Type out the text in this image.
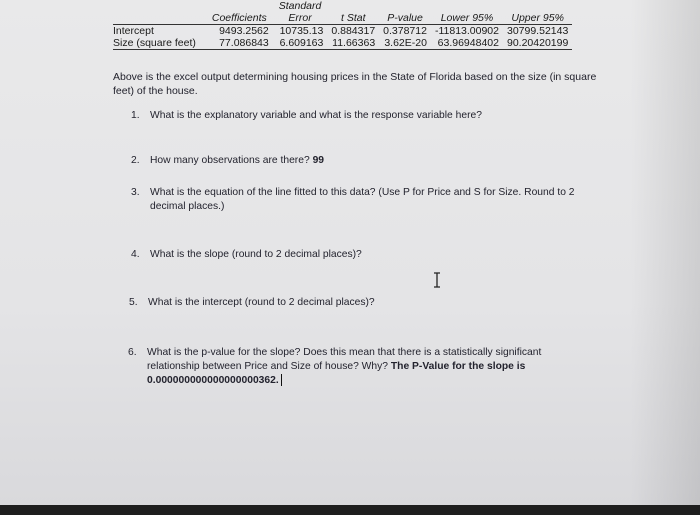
		Standard				
	Coefficients	Error	t Stat	P-value	Lower 95%	Upper 95%
Intercept	9493.2562	10735.13	0.884317	0.378712	-11813.00902	30799.52143
Size (square feet)	77.086843	6.609163	11.66363	3.62E-20	63.96948402	90.20420199
Above is the excel output determining housing prices in the State of Florida based on the size (in square feet) of the house.
1. What is the explanatory variable and what is the response variable here?
2. How many observations are there? 99
3. What is the equation of the line fitted to this data? (Use P for Price and S for Size. Round to 2 decimal places.)
4. What is the slope (round to 2 decimal places)?
5. What is the intercept (round to 2 decimal places)?
6. What is the p-value for the slope? Does this mean that there is a statistically significant relationship between Price and Size of house? Why? The P-Value for the slope is
0.000000000000000000362.
